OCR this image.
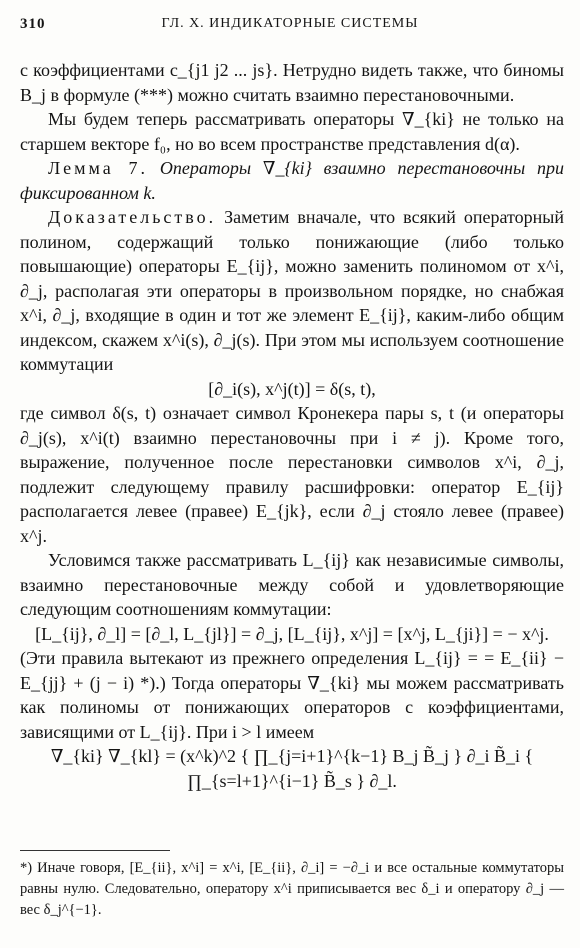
310	ГЛ. X. ИНДИКАТОРНЫЕ СИСТЕМЫ

с коэффициентами c_{j1 j2 ... js}. Нетрудно видеть также, что биномы B_j в формуле (***) можно считать взаимно перестановочными.

Мы будем теперь рассматривать операторы ∇_{ki} не только на старшем векторе f₀, но во всем пространстве представления d(α).

Лемма 7. Операторы ∇_{ki} взаимно перестановочны при фиксированном k.

Доказательство. Заметим вначале, что всякий операторный полином, содержащий только понижающие (либо только повышающие) операторы E_{ij}, можно заменить полиномом от x^i, ∂_j, располагая эти операторы в произвольном порядке, но снабжая x^i, ∂_j, входящие в один и тот же элемент E_{ij}, каким-либо общим индексом, скажем x^i(s), ∂_j(s). При этом мы используем соотношение коммутации

[∂_i(s), x^j(t)] = δ(s, t),

где символ δ(s, t) означает символ Кронекера пары s, t (и операторы ∂_j(s), x^i(t) взаимно перестановочны при i ≠ j). Кроме того, выражение, полученное после перестановки символов x^i, ∂_j, подлежит следующему правилу расшифровки: оператор E_{ij} располагается левее (правее) E_{jk}, если ∂_j стояло левее (правее) x^j.

Условимся также рассматривать L_{ij} как независимые символы, взаимно перестановочные между собой и удовлетворяющие следующим соотношениям коммутации:

[L_{ij}, ∂_l] = [∂_l, L_{jl}] = ∂_j, [L_{ij}, x^j] = [x^j, L_{ji}] = − x^j.

(Эти правила вытекают из прежнего определения L_{ij} = = E_{ii} − E_{jj} + (j − i) *).) Тогда операторы ∇_{ki} мы можем рассматривать как полиномы от понижающих операторов с коэффициентами, зависящими от L_{ij}. При i > l имеем

∇_{ki} ∇_{kl} = (x^k)^2 { ∏_{j=i+1}^{k−1} B_j B̃_j } ∂_i B̃_i { ∏_{s=l+1}^{i−1} B̃_s } ∂_l.

*) Иначе говоря, [E_{ii}, x^i] = x^i, [E_{ii}, ∂_i] = −∂_i и все остальные коммутаторы равны нулю. Следовательно, оператору x^i приписывается вес δ_i и оператору ∂_j — вес δ_j^{−1}.
